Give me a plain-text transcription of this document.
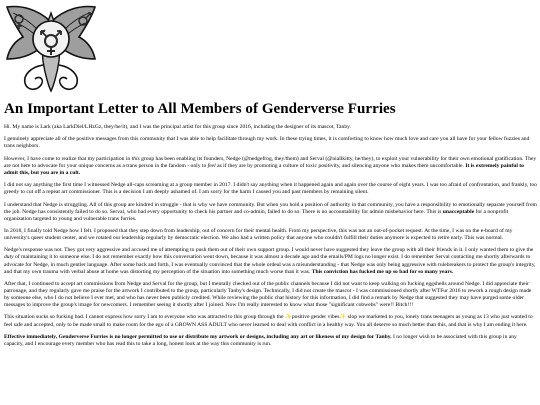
An Important Letter to All Members of Genderverse Furries

Hi. My name is Lark (aka LarkDiel/LHzGz, they/he/it), and I was the principal artist for this group since 2016, including the designer of its mascot, Tanby.

I genuinely appreciate all of the positive messages from this community that I was able to help facilitate through my work. In these trying times, it is comforting to know how much love and care you all have for your fellow fuzzies and trans neighbors.

However, I have come to realize that my participation in this group has been enabling its founders, Nedge (@nedgefrog, they/them) and Serval (@niallkitty, he/they), to exploit your vulnerability for their own emotional gratification. They are not here to advocate for your unique concerns as a trans person in the fandom - only to feel as if they are by promoting a culture of toxic positivity, and silencing anyone who makes them uncomfortable. It is extremely painful to admit this, but you are in a cult.

I did not say anything the first time I witnessed Nedge all-caps screaming at a group member in 2017. I didn't say anything when it happened again and again over the course of eight years. I was too afraid of confrontation, and frankly, too greedy to cut off a repeat art commissioner. This is a decision I am deeply ashamed of. I am sorry for the harm I caused you and past members by remaining silent.

I understand that Nedge is struggling. All of this group are kindred in struggle - that is why we have community. But when you hold a position of authority in that community, you have a responsibility to emotionally separate yourself from the job. Nedge has consistently failed to do so. Serval, who had every opportunity to check his partner and co-admin, failed to do so. There is no accountability for admin misbehavior here. This is unacceptable for a nonprofit organization targeted to young and vulnerable trans furries.

In 2018, I finally told Nedge how I felt. I proposed that they step down from leadership, out of concern for their mental health. From my perspective, this was not an out-of-pocket request. At the time, I was on the e-board of my university's queer student center, and we rotated our leadership regularly by democratic election. We also had a written policy that anyone who couldn't fulfill their duties anymore is expected to retire early. This was normal.

Nedge's response was not. They got very aggressive and accused me of attempting to push them out of their own support group. I would never have suggested they leave the group with all their friends in it. I only wanted them to give the duty of maintaining it to someone else. I do not remember exactly how this conversation went down, because it was almost a decade ago and the emails/PM logs no longer exist. I do remember Serval contacting me shortly afterwards to advocate for Nedge, in much gentler language. After some back and forth, I was eventually convinced that the whole ordeal was a misunderstanding - that Nedge was only being aggressive with rulebreakers to protect the group's integrity, and that my own trauma with verbal abuse at home was distorting my perception of the situation into something much worse than it was. This conviction has fucked me up so bad for so many years.

After that, I continued to accept art commissions from Nedge and Serval for the group, but I mentally checked out of the public channels because I did not want to keep walking on fucking eggshells around Nedge. I did appreciate their patronage, and they regularly gave me praise for the artwork I contributed to the group, particularly Tanby's design. Technically, I did not create the mascot - I was commissioned shortly after WTFur 2016 to rework a rough design made by someone else, who I do not believe I ever met, and who has never been publicly credited. While reviewing the public chat history for this information, I did find a remark by Nedge that suggested they may have purged some older messages to improve the group's image for newcomers. I remember seeing it shortly after I joined. Now I'm really interested to know what those "significant cobwebs" were!! Bitch!!!

This situation sucks so fucking bad. I cannot express how sorry I am to everyone who was attracted to this group through the ✨positive gender vibes✨ slop we marketed to you, lonely trans teenagers as young as 13 who just wanted to feel safe and accepted, only to be made small to make room for the ego of a GROWN ASS ADULT who never learned to deal with conflict in a healthy way. You all deserve so much better than this, and that is why I am ending it here.

Effective immediately, Genderverse Furries is no longer permitted to use or distribute my artwork or designs, including any art or likeness of my design for Tanby. I no longer wish to be associated with this group in any capacity, and I encourage every member who has read this to take a long, honest look at the way this community is run.
